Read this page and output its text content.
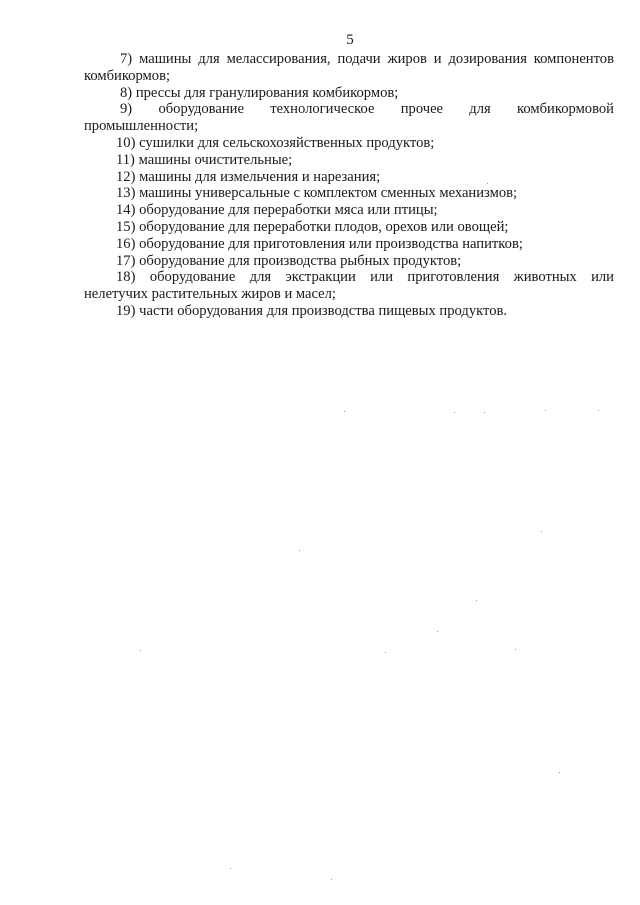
5

7) машины для мелассирования, подачи жиров и дозирования компонентов комбикормов;

8) прессы для гранулирования комбикормов;

9) оборудование технологическое прочее для комбикормовой
промышленности;

10) сушилки для сельскохозяйственных продуктов;

11) машины очистительные;

12) машины для измельчения и нарезания;

13) машины универсальные с комплектом сменных механизмов;

14) оборудование для переработки мяса или птицы;

15) оборудование для переработки плодов, орехов или овощей;

16) оборудование для приготовления или производства напитков;

17) оборудование для производства рыбных продуктов;

18) оборудование для экстракции или приготовления животных или
нелетучих растительных жиров и масел;

19) части оборудования для производства пищевых продуктов.
